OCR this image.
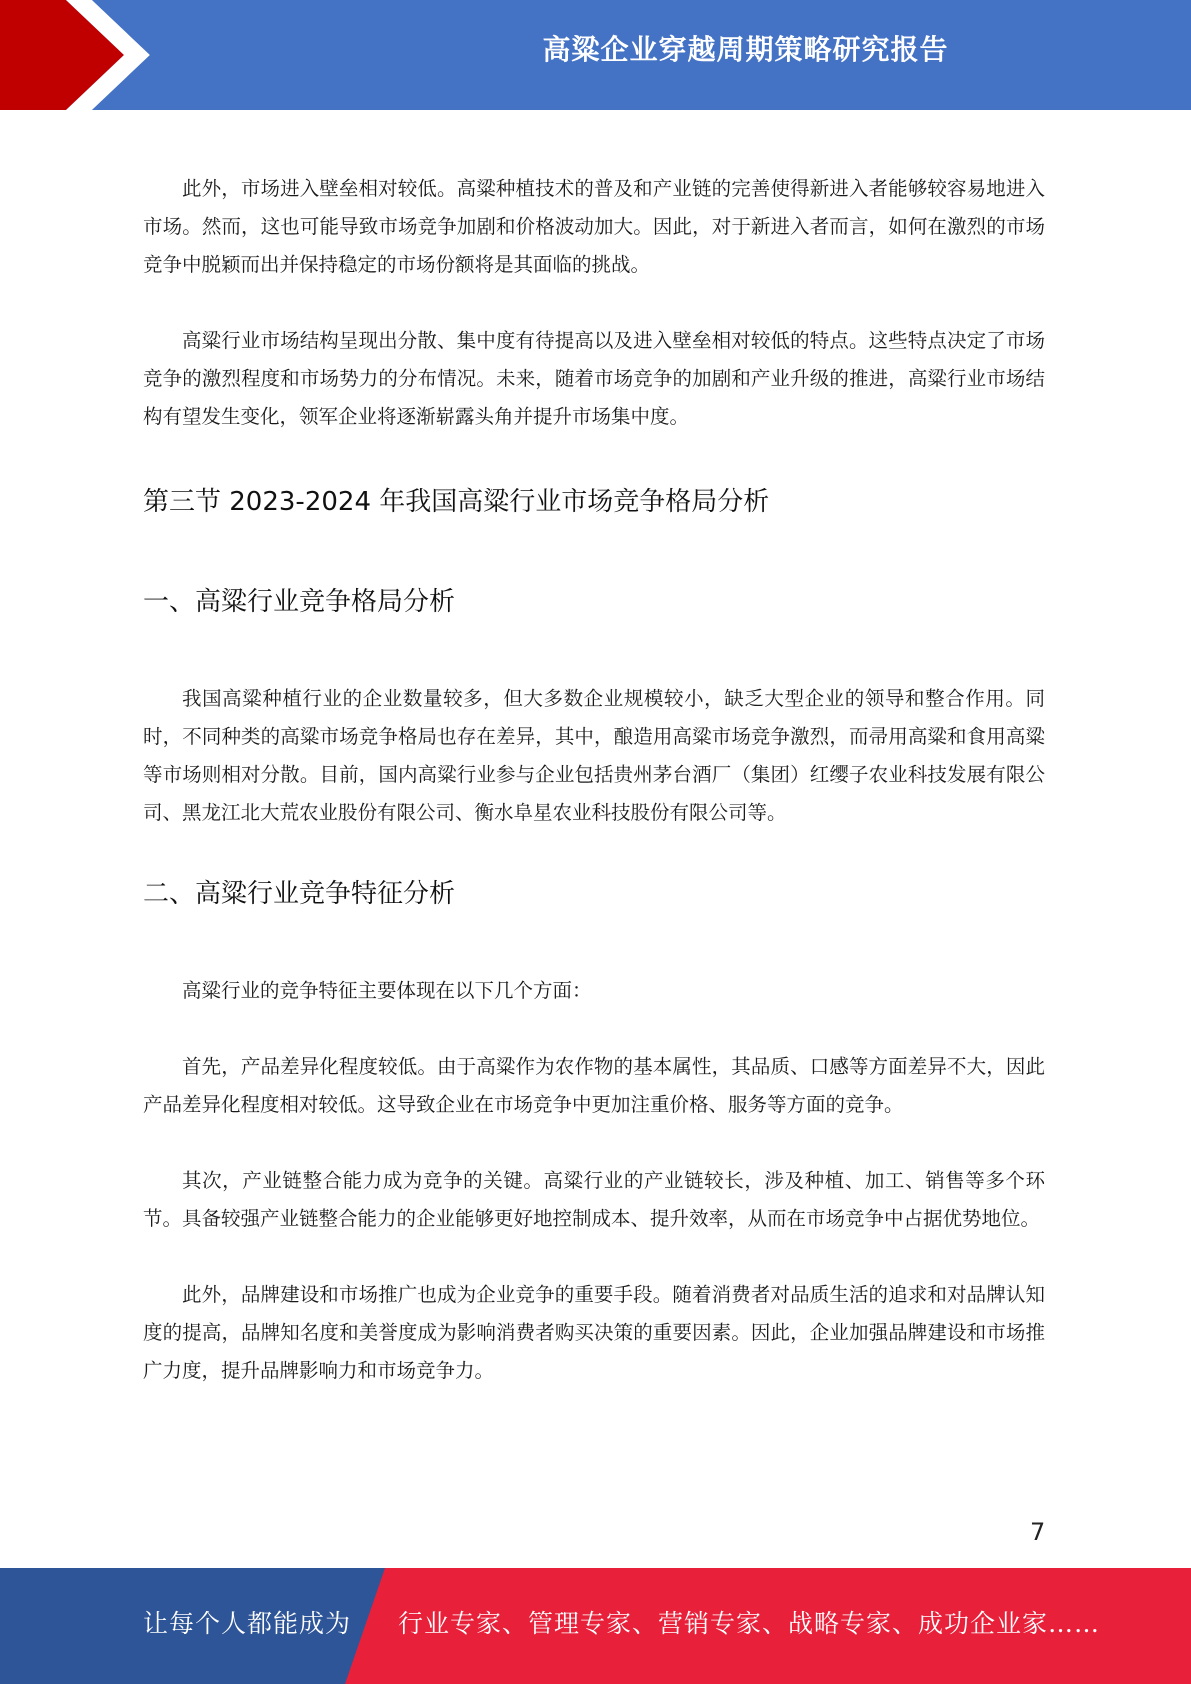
高粱企业穿越周期策略研究报告

此外，市场进入壁垒相对较低。高粱种植技术的普及和产业链的完善使得新进入者能够较容易地进入市场。然而，这也可能导致市场竞争加剧和价格波动加大。因此，对于新进入者而言，如何在激烈的市场竞争中脱颖而出并保持稳定的市场份额将是其面临的挑战。

高粱行业市场结构呈现出分散、集中度有待提高以及进入壁垒相对较低的特点。这些特点决定了市场竞争的激烈程度和市场势力的分布情况。未来，随着市场竞争的加剧和产业升级的推进，高粱行业市场结构有望发生变化，领军企业将逐渐崭露头角并提升市场集中度。

第三节 2023-2024 年我国高粱行业市场竞争格局分析
一、高粱行业竞争格局分析

我国高粱种植行业的企业数量较多，但大多数企业规模较小，缺乏大型企业的领导和整合作用。同时，不同种类的高粱市场竞争格局也存在差异，其中，酿造用高粱市场竞争激烈，而帚用高粱和食用高粱等市场则相对分散。目前，国内高粱行业参与企业包括贵州茅台酒厂（集团）红缨子农业科技发展有限公司、黑龙江北大荒农业股份有限公司、衡水阜星农业科技股份有限公司等。

二、高粱行业竞争特征分析

高粱行业的竞争特征主要体现在以下几个方面：

首先，产品差异化程度较低。由于高粱作为农作物的基本属性，其品质、口感等方面差异不大，因此产品差异化程度相对较低。这导致企业在市场竞争中更加注重价格、服务等方面的竞争。

其次，产业链整合能力成为竞争的关键。高粱行业的产业链较长，涉及种植、加工、销售等多个环节。具备较强产业链整合能力的企业能够更好地控制成本、提升效率，从而在市场竞争中占据优势地位。

此外，品牌建设和市场推广也成为企业竞争的重要手段。随着消费者对品质生活的追求和对品牌认知度的提高，品牌知名度和美誉度成为影响消费者购买决策的重要因素。因此，企业加强品牌建设和市场推广力度，提升品牌影响力和市场竞争力。

7
让每个人都能成为 行业专家、管理专家、营销专家、战略专家、成功企业家……
